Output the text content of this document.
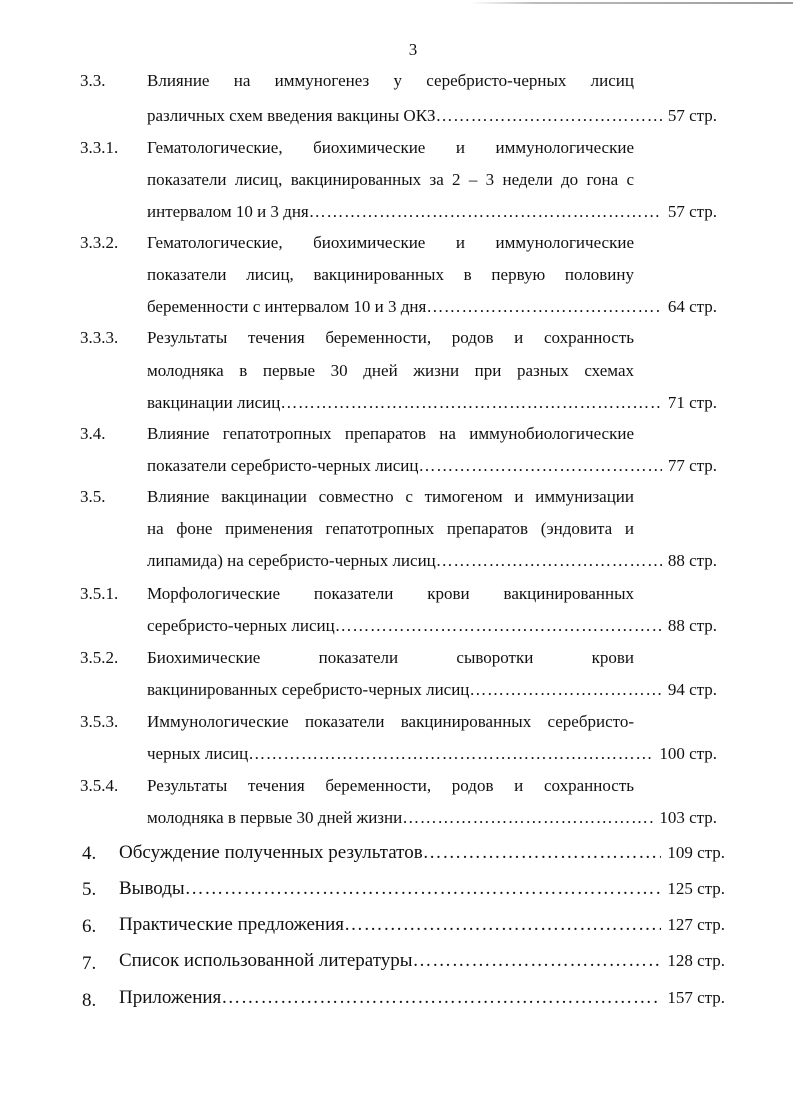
3
3.3. Влияние на иммуногенез у серебристо-черных лисиц
различных схем введения вакцины ОКЗ ……………………………………………………………………………………………………………………	57 стр.
3.3.1. Гематологические, биохимические и иммунологические
показатели лисиц, вакцинированных за 2 – 3 недели до гона с
интервалом 10 и 3 дня ……………………………………………………………………………………………………………………	57 стр.
3.3.2. Гематологические, биохимические и иммунологические
показатели лисиц, вакцинированных в первую половину
беременности с интервалом 10 и 3 дня ……………………………………………………………………………………………………………………	64 стр.
3.3.3. Результаты течения беременности, родов и сохранность
молодняка в первые 30 дней жизни при разных схемах
вакцинации лисиц ……………………………………………………………………………………………………………………	71 стр.
3.4. Влияние гепатотропных препаратов на иммунобиологические
показатели серебристо-черных лисиц ……………………………………………………………………………………………………………………	77 стр.
3.5. Влияние вакцинации совместно с тимогеном и иммунизации
на фоне применения гепатотропных препаратов (эндовита и
липамида) на серебристо-черных лисиц ……………………………………………………………………………………………………………………	88 стр.
3.5.1. Морфологические показатели крови вакцинированных
серебристо-черных лисиц ……………………………………………………………………………………………………………………	88 стр.
3.5.2. Биохимические показатели сыворотки крови
вакцинированных серебристо-черных лисиц ……………………………………………………………………………………………………………………	94 стр.
3.5.3. Иммунологические показатели вакцинированных серебристо-
черных лисиц ……………………………………………………………………………………………………………………	100 стр.
3.5.4. Результаты течения беременности, родов и сохранность
молодняка в первые 30 дней жизни ……………………………………………………………………………………………………………………	103 стр.
4. Обсуждение полученных результатов ……………………………………………………………………………………………………………………	109 стр.
5. Выводы ……………………………………………………………………………………………………………………	125 стр.
6. Практические предложения ……………………………………………………………………………………………………………………	127 стр.
7. Список использованной литературы ……………………………………………………………………………………………………………………	128 стр.
8. Приложения ……………………………………………………………………………………………………………………	157 стр.
